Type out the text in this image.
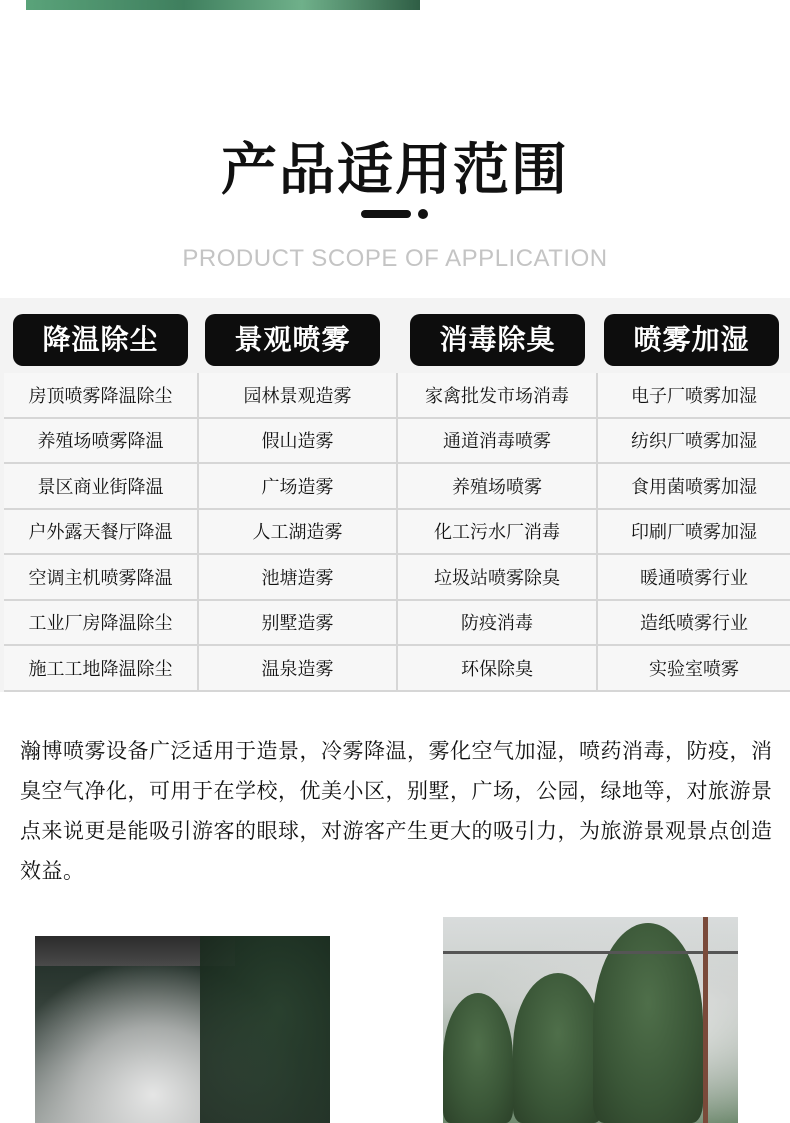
产品适用范围
PRODUCT SCOPE OF APPLICATION
降温除尘	景观喷雾	消毒除臭	喷雾加湿
房顶喷雾降温除尘	园林景观造雾	家禽批发市场消毒	电子厂喷雾加湿
养殖场喷雾降温	假山造雾	通道消毒喷雾	纺织厂喷雾加湿
景区商业街降温	广场造雾	养殖场喷雾	食用菌喷雾加湿
户外露天餐厅降温	人工湖造雾	化工污水厂消毒	印刷厂喷雾加湿
空调主机喷雾降温	池塘造雾	垃圾站喷雾除臭	暖通喷雾行业
工业厂房降温除尘	别墅造雾	防疫消毒	造纸喷雾行业
施工工地降温除尘	温泉造雾	环保除臭	实验室喷雾

瀚博喷雾设备广泛适用于造景，冷雾降温，雾化空气加湿，喷药消毒，防疫，消臭空气净化，可用于在学校，优美小区，别墅，广场，公园，绿地等，对旅游景点来说更是能吸引游客的眼球，对游客产生更大的吸引力，为旅游景观景点创造效益。
